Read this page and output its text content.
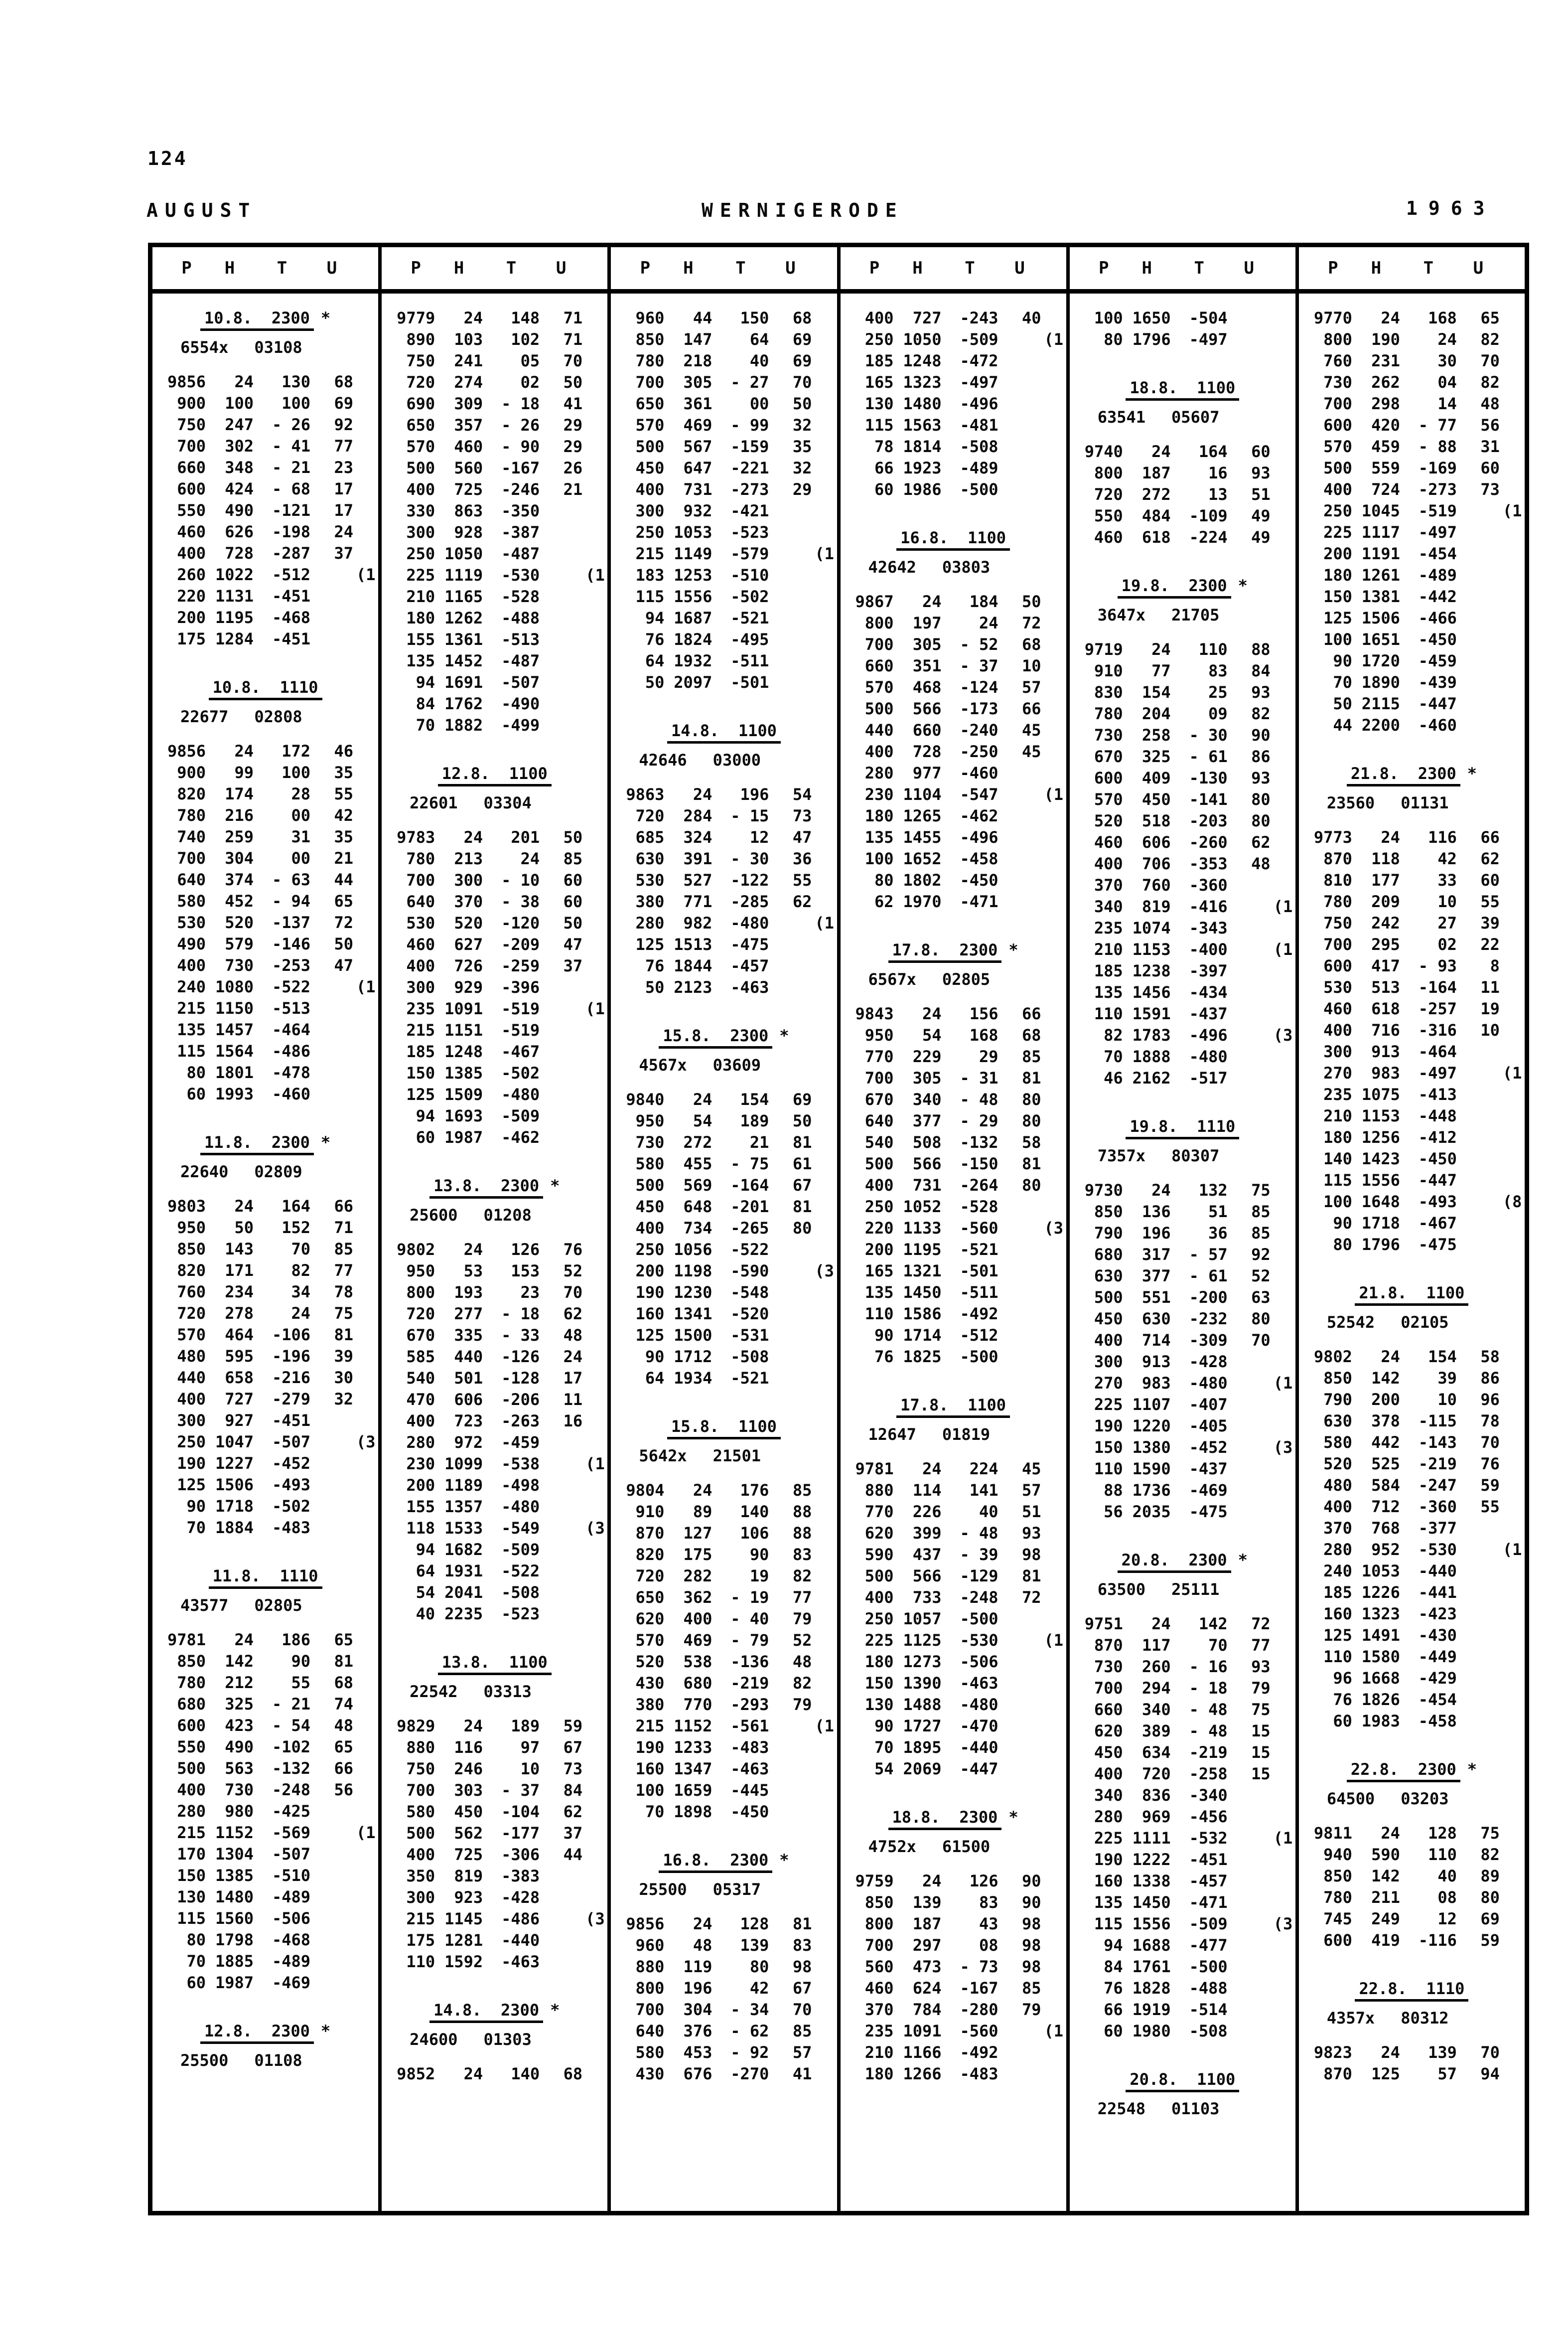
124
AUGUST	WERNIGERODE	1963
P	H	T	U	P	H	T	U	P	H	T	U	P	H	T	U	P	H	T	U	P	H	T	U
10.8.  2300 *
6554x 03108
9856	24	130	68
900	100	100	69
750	247	- 26	92
700	302	- 41	77
660	348	- 21	23
600	424	- 68	17
550	490	-121	17
460	626	-198	24
400	728	-287	37
260 1022	-512	(1
220 1131	-451
200 1195	-468
175 1284	-451
10.8.  1110
22677 02808
9856	24	172	46
900	99	100	35
820	174	28	55
780	216	00	42
740	259	31	35
700	304	00	21
640	374	- 63	44
580	452	- 94	65
530	520	-137	72
490	579	-146	50
400	730	-253	47
240 1080	-522	(1
215 1150	-513
135 1457	-464
115 1564	-486
80 1801	-478
60 1993	-460
11.8.  2300 *
22640 02809
9803	24	164	66
950	50	152	71
850	143	70	85
820	171	82	77
760	234	34	78
720	278	24	75
570	464	-106	81
480	595	-196	39
440	658	-216	30
400	727	-279	32
300	927	-451
250 1047	-507	(3
190 1227	-452
125 1506	-493
90 1718	-502
70 1884	-483
11.8.  1110
43577 02805
9781	24	186	65
850	142	90	81
780	212	55	68
680	325	- 21	74
600	423	- 54	48
550	490	-102	65
500	563	-132	66
400	730	-248	56
280	980	-425
215 1152	-569	(1
170 1304	-507
150 1385	-510
130 1480	-489
115 1560	-506
80 1798	-468
70 1885	-489
60 1987	-469
12.8.  2300 *
25500 01108
9779	24	148	71
890	103	102	71
750	241	05	70
720	274	02	50
690	309	- 18	41
650	357	- 26	29
570	460	- 90	29
500	560	-167	26
400	725	-246	21
330	863	-350
300	928	-387
250 1050	-487
225 1119	-530	(1
210 1165	-528
180 1262	-488
155 1361	-513
135 1452	-487
94 1691	-507
84 1762	-490
70 1882	-499
12.8.  1100
22601 03304
9783	24	201	50
780	213	24	85
700	300	- 10	60
640	370	- 38	60
530	520	-120	50
460	627	-209	47
400	726	-259	37
300	929	-396
235 1091	-519	(1
215 1151	-519
185 1248	-467
150 1385	-502
125 1509	-480
94 1693	-509
60 1987	-462
13.8.  2300 *
25600 01208
9802	24	126	76
950	53	153	52
800	193	23	70
720	277	- 18	62
670	335	- 33	48
585	440	-126	24
540	501	-128	17
470	606	-206	11
400	723	-263	16
280	972	-459
230 1099	-538	(1
200 1189	-498
155 1357	-480
118 1533	-549	(3
94 1682	-509
64 1931	-522
54 2041	-508
40 2235	-523
13.8.  1100
22542 03313
9829	24	189	59
880	116	97	67
750	246	10	73
700	303	- 37	84
580	450	-104	62
500	562	-177	37
400	725	-306	44
350	819	-383
300	923	-428
215 1145	-486	(3
175 1281	-440
110 1592	-463
14.8.  2300 *
24600 01303
9852	24	140	68
960	44	150	68
850	147	64	69
780	218	40	69
700	305	- 27	70
650	361	00	50
570	469	- 99	32
500	567	-159	35
450	647	-221	32
400	731	-273	29
300	932	-421
250 1053	-523
215 1149	-579	(1
183 1253	-510
115 1556	-502
94 1687	-521
76 1824	-495
64 1932	-511
50 2097	-501
14.8.  1100
42646 03000
9863	24	196	54
720	284	- 15	73
685	324	12	47
630	391	- 30	36
530	527	-122	55
380	771	-285	62
280	982	-480	(1
125 1513	-475
76 1844	-457
50 2123	-463
15.8.  2300 *
4567x 03609
9840	24	154	69
950	54	189	50
730	272	21	81
580	455	- 75	61
500	569	-164	67
450	648	-201	81
400	734	-265	80
250 1056	-522
200 1198	-590	(3
190 1230	-548
160 1341	-520
125 1500	-531
90 1712	-508
64 1934	-521
15.8.  1100
5642x 21501
9804	24	176	85
910	89	140	88
870	127	106	88
820	175	90	83
720	282	19	82
650	362	- 19	77
620	400	- 40	79
570	469	- 79	52
520	538	-136	48
430	680	-219	82
380	770	-293	79
215 1152	-561	(1
190 1233	-483
160 1347	-463
100 1659	-445
70 1898	-450
16.8.  2300 *
25500 05317
9856	24	128	81
960	48	139	83
880	119	80	98
800	196	42	67
700	304	- 34	70
640	376	- 62	85
580	453	- 92	57
430	676	-270	41
400	727	-243	40
250 1050	-509	(1
185 1248	-472
165 1323	-497
130 1480	-496
115 1563	-481
78 1814	-508
66 1923	-489
60 1986	-500
16.8.  1100
42642 03803
9867	24	184	50
800	197	24	72
700	305	- 52	68
660	351	- 37	10
570	468	-124	57
500	566	-173	66
440	660	-240	45
400	728	-250	45
280	977	-460
230 1104	-547	(1
180 1265	-462
135 1455	-496
100 1652	-458
80 1802	-450
62 1970	-471
17.8.  2300 *
6567x 02805
9843	24	156	66
950	54	168	68
770	229	29	85
700	305	- 31	81
670	340	- 48	80
640	377	- 29	80
540	508	-132	58
500	566	-150	81
400	731	-264	80
250 1052	-528
220 1133	-560	(3
200 1195	-521
165 1321	-501
135 1450	-511
110 1586	-492
90 1714	-512
76 1825	-500
17.8.  1100
12647 01819
9781	24	224	45
880	114	141	57
770	226	40	51
620	399	- 48	93
590	437	- 39	98
500	566	-129	81
400	733	-248	72
250 1057	-500
225 1125	-530	(1
180 1273	-506
150 1390	-463
130 1488	-480
90 1727	-470
70 1895	-440
54 2069	-447
18.8.  2300 *
4752x 61500
9759	24	126	90
850	139	83	90
800	187	43	98
700	297	08	98
560	473	- 73	98
460	624	-167	85
370	784	-280	79
235 1091	-560	(1
210 1166	-492
180 1266	-483
100 1650	-504
80 1796	-497
18.8.  1100
63541 05607
9740	24	164	60
800	187	16	93
720	272	13	51
550	484	-109	49
460	618	-224	49
19.8.  2300 *
3647x 21705
9719	24	110	88
910	77	83	84
830	154	25	93
780	204	09	82
730	258	- 30	90
670	325	- 61	86
600	409	-130	93
570	450	-141	80
520	518	-203	80
460	606	-260	62
400	706	-353	48
370	760	-360
340	819	-416	(1
235 1074	-343
210 1153	-400	(1
185 1238	-397
135 1456	-434
110 1591	-437
82 1783	-496	(3
70 1888	-480
46 2162	-517
19.8.  1110
7357x 80307
9730	24	132	75
850	136	51	85
790	196	36	85
680	317	- 57	92
630	377	- 61	52
500	551	-200	63
450	630	-232	80
400	714	-309	70
300	913	-428
270	983	-480	(1
225 1107	-407
190 1220	-405
150 1380	-452	(3
110 1590	-437
88 1736	-469
56 2035	-475
20.8.  2300 *
63500 25111
9751	24	142	72
870	117	70	77
730	260	- 16	93
700	294	- 18	79
660	340	- 48	75
620	389	- 48	15
450	634	-219	15
400	720	-258	15
340	836	-340
280	969	-456
225 1111	-532	(1
190 1222	-451
160 1338	-457
135 1450	-471
115 1556	-509	(3
94 1688	-477
84 1761	-500
76 1828	-488
66 1919	-514
60 1980	-508
20.8.  1100
22548 01103
9770	24	168	65
800	190	24	82
760	231	30	70
730	262	04	82
700	298	14	48
600	420	- 77	56
570	459	- 88	31
500	559	-169	60
400	724	-273	73
250 1045	-519	(1
225 1117	-497
200 1191	-454
180 1261	-489
150 1381	-442
125 1506	-466
100 1651	-450
90 1720	-459
70 1890	-439
50 2115	-447
44 2200	-460
21.8.  2300 *
23560 01131
9773	24	116	66
870	118	42	62
810	177	33	60
780	209	10	55
750	242	27	39
700	295	02	22
600	417	- 93	8
530	513	-164	11
460	618	-257	19
400	716	-316	10
300	913	-464
270	983	-497	(1
235 1075	-413
210 1153	-448
180 1256	-412
140 1423	-450
115 1556	-447
100 1648	-493	(8
90 1718	-467
80 1796	-475
21.8.  1100
52542 02105
9802	24	154	58
850	142	39	86
790	200	10	96
630	378	-115	78
580	442	-143	70
520	525	-219	76
480	584	-247	59
400	712	-360	55
370	768	-377
280	952	-530	(1
240 1053	-440
185 1226	-441
160 1323	-423
125 1491	-430
110 1580	-449
96 1668	-429
76 1826	-454
60 1983	-458
22.8.  2300 *
64500 03203
9811	24	128	75
940	590	110	82
850	142	40	89
780	211	08	80
745	249	12	69
600	419	-116	59
22.8.  1110
4357x 80312
9823	24	139	70
870	125	57	94
